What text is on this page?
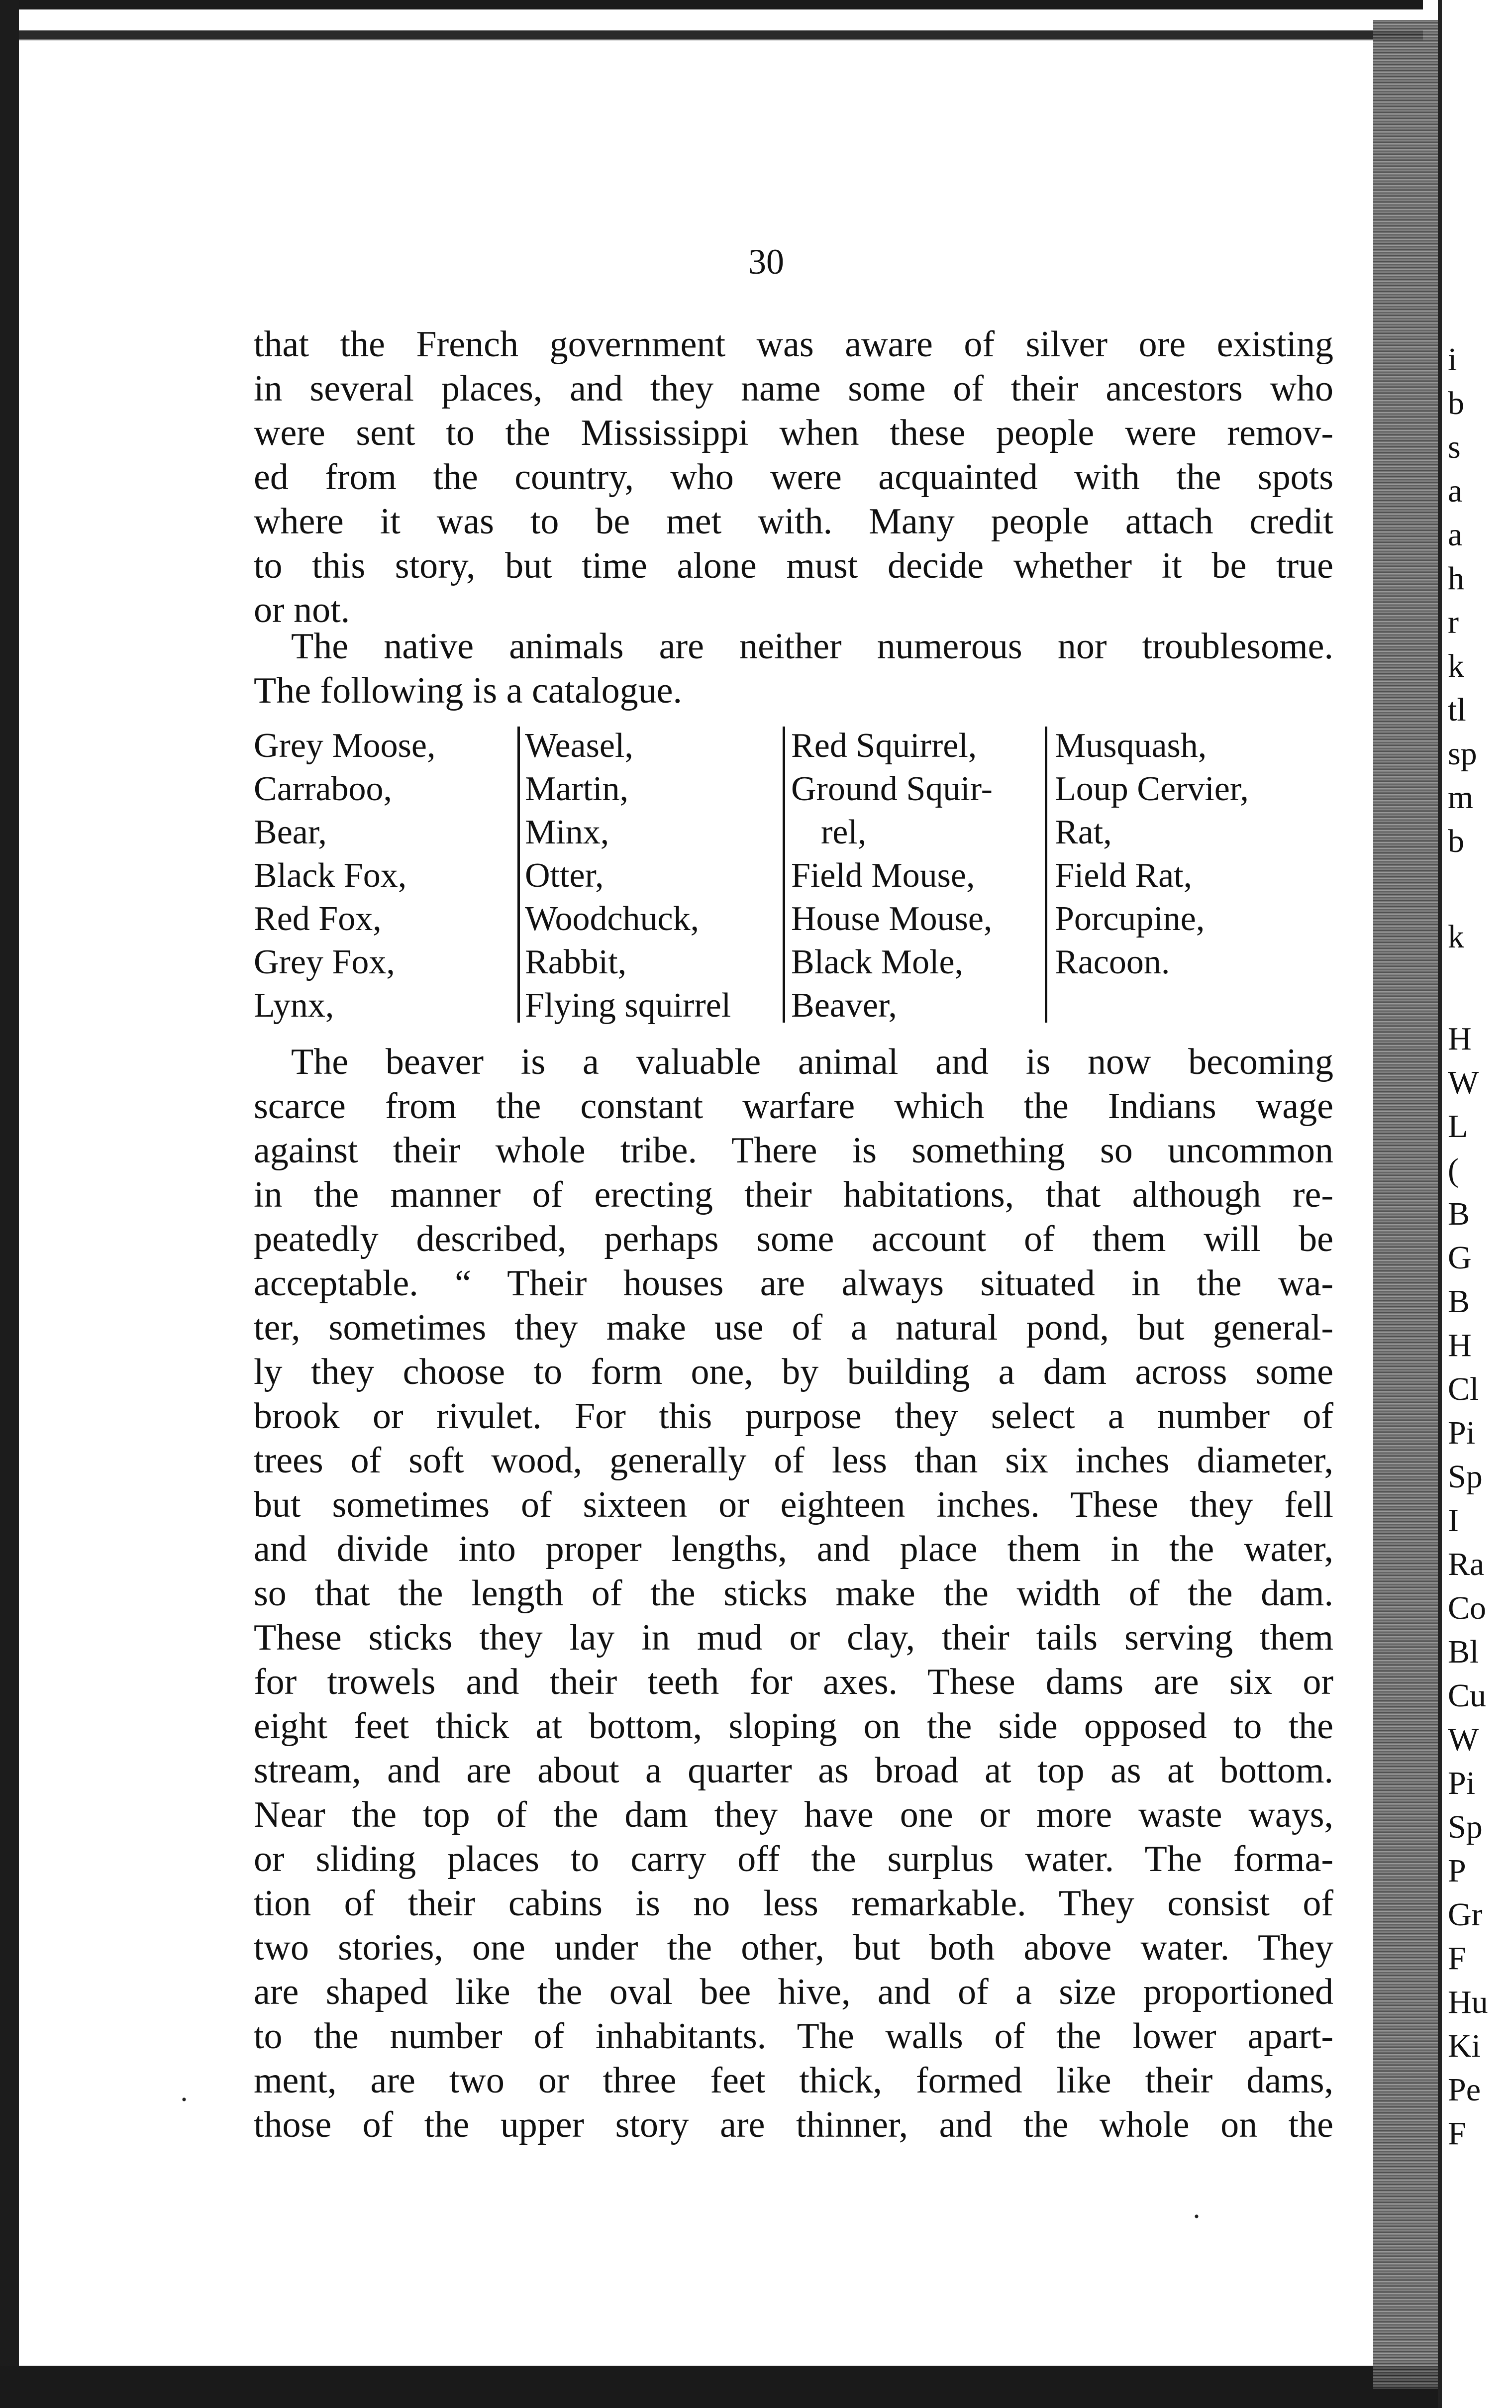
i
b
s
a
a
h
r
k
tl
sp
m
b
k
H
W
L
(
B
G
B
H
Cl
Pi
Sp
I
Ra
Co
Bl
Cu
W
Pi
Sp
P
Gr
F
Hu
Ki
Pe
F
30

that the French government was aware of silver ore existing
in several places, and they name some of their ancestors who
were sent to the Mississippi when these people were remov-
ed from the country, who were acquainted with the spots
where it was to be met with. Many people attach credit
to this story, but time alone must decide whether it be true
or not.

The native animals are neither numerous nor troublesome.
The following is a catalogue.

Grey Moose,
Carraboo,
Bear,
Black Fox,
Red Fox,
Grey Fox,
Lynx,
Weasel,
Martin,
Minx,
Otter,
Woodchuck,
Rabbit,
Flying squirrel
Red Squirrel,
Ground Squir-
rel,
Field Mouse,
House Mouse,
Black Mole,
Beaver,
Musquash,
Loup Cervier,
Rat,
Field Rat,
Porcupine,
Racoon.

The beaver is a valuable animal and is now becoming
scarce from the constant warfare which the Indians wage
against their whole tribe. There is something so uncommon
in the manner of erecting their habitations, that although re-
peatedly described, perhaps some account of them will be
acceptable. “ Their houses are always situated in the wa-
ter, sometimes they make use of a natural pond, but general-
ly they choose to form one, by building a dam across some
brook or rivulet. For this purpose they select a number of
trees of soft wood, generally of less than six inches diameter,
but sometimes of sixteen or eighteen inches. These they fell
and divide into proper lengths, and place them in the water,
so that the length of the sticks make the width of the dam.
These sticks they lay in mud or clay, their tails serving them
for trowels and their teeth for axes. These dams are six or
eight feet thick at bottom, sloping on the side opposed to the
stream, and are about a quarter as broad at top as at bottom.
Near the top of the dam they have one or more waste ways,
or sliding places to carry off the surplus water. The forma-
tion of their cabins is no less remarkable. They consist of
two stories, one under the other, but both above water. They
are shaped like the oval bee hive, and of a size proportioned
to the number of inhabitants. The walls of the lower apart-
ment, are two or three feet thick, formed like their dams,
those of the upper story are thinner, and the whole on the

·
·
